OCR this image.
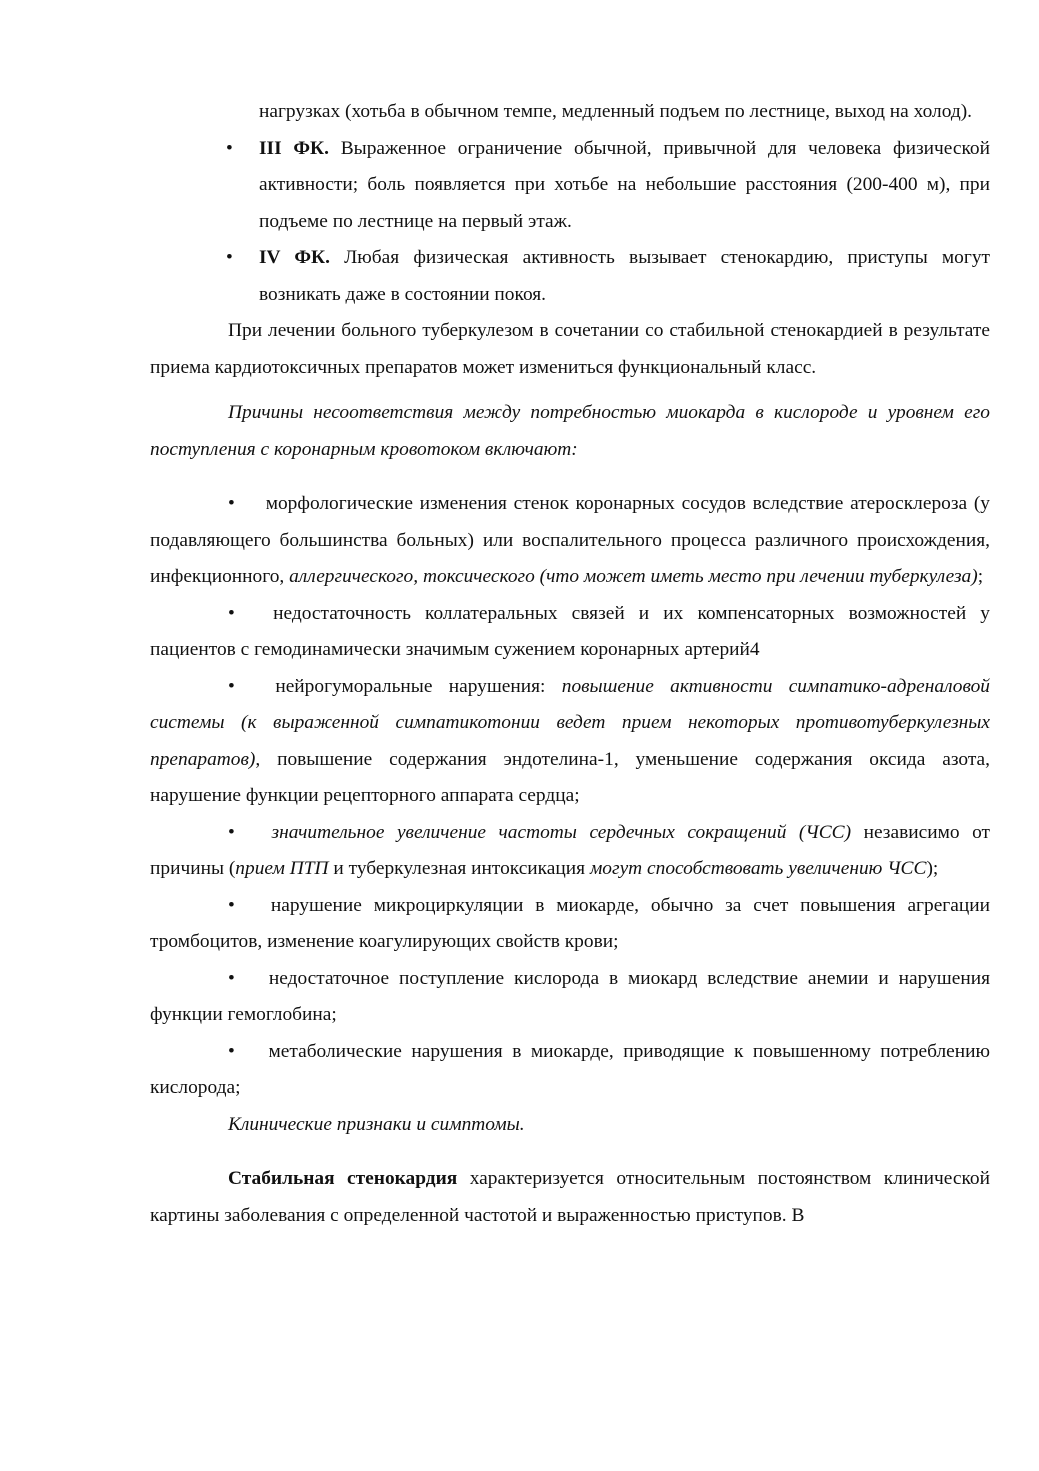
нагрузках (хотьба в обычном темпе, медленный подъем по лестнице, выход на холод).

• III ФК. Выраженное ограничение обычной, привычной для человека физической активности; боль появляется при хотьбе на небольшие расстояния (200-400 м), при подъеме по лестнице на первый этаж.

• IV ФК. Любая физическая активность вызывает стенокардию, приступы могут возникать даже в состоянии покоя.

При лечении больного туберкулезом в сочетании со стабильной стенокардией в результате приема кардиотоксичных препаратов может измениться функциональный класс.

Причины несоответствия между потребностью миокарда в кислороде и уровнем его поступления с коронарным кровотоком включают:

• морфологические изменения стенок коронарных сосудов вследствие атеросклероза (у подавляющего большинства больных) или воспалительного процесса различного происхождения, инфекционного, аллергического, токсического (что может иметь место при лечении туберкулеза);

• недостаточность коллатеральных связей и их компенсаторных возможностей у пациентов с гемодинамически значимым сужением коронарных артерий4

• нейрогуморальные нарушения: повышение активности симпатико-адреналовой системы (к выраженной симпатикотонии ведет прием некоторых противотуберкулезных препаратов), повышение содержания эндотелина-1, уменьшение содержания оксида азота, нарушение функции рецепторного аппарата сердца;

• значительное увеличение частоты сердечных сокращений (ЧСС) независимо от причины (прием ПТП и туберкулезная интоксикация могут способствовать увеличению ЧСС);

• нарушение микроциркуляции в миокарде, обычно за счет повышения агрегации тромбоцитов, изменение коагулирующих свойств крови;

• недостаточное поступление кислорода в миокард вследствие анемии и нарушения функции гемоглобина;

• метаболические нарушения в миокарде, приводящие к повышенному потреблению кислорода;

Клинические признаки и симптомы.

Стабильная стенокардия характеризуется относительным постоянством клинической картины заболевания с определенной частотой и выраженностью приступов. В
